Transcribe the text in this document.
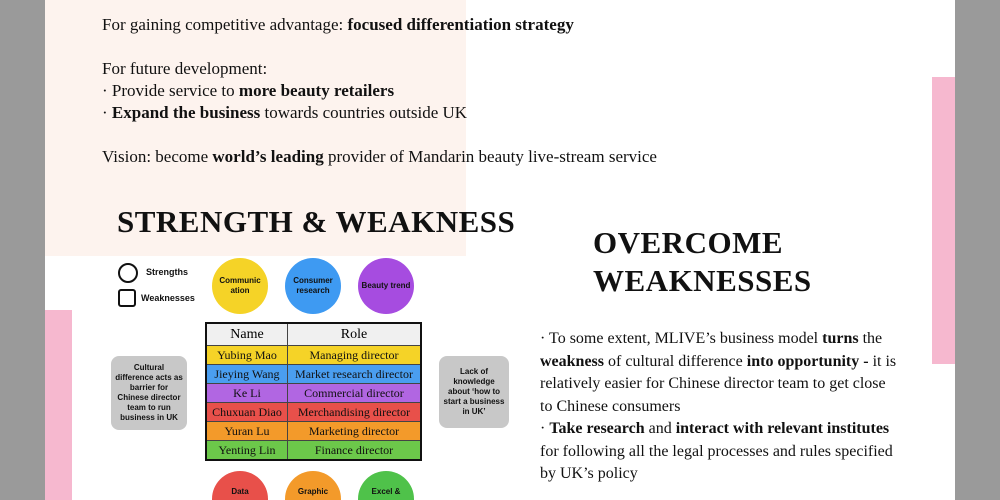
For gaining competitive advantage: focused differentiation strategy

For future development:

· Provide service to more beauty retailers

· Expand the business towards countries outside UK

Vision: become world’s leading provider of Mandarin beauty live-stream service

STRENGTH & WEAKNESS
Strengths
Weaknesses
Communic ation
Consumer research
Beauty trend
Cultural difference acts as barrier for Chinese director team to run business in UK
Lack of knowledge about ‘how to start a business in UK’
Name	Role
Yubing Mao	Managing director
Jieying Wang	Market research director
Ke Li	Commercial director
Chuxuan Diao	Merchandising director
Yuran Lu	Marketing director
Yenting Lin	Finance director
Data	Graphic	Excel &
OVERCOME
WEAKNESSES

· To some extent, MLIVE’s business model turns the weakness of cultural difference into opportunity - it is relatively easier for Chinese director team to get close to Chinese consumers

· Take research and interact with relevant institutes for following all the legal processes and rules specified by UK’s policy
